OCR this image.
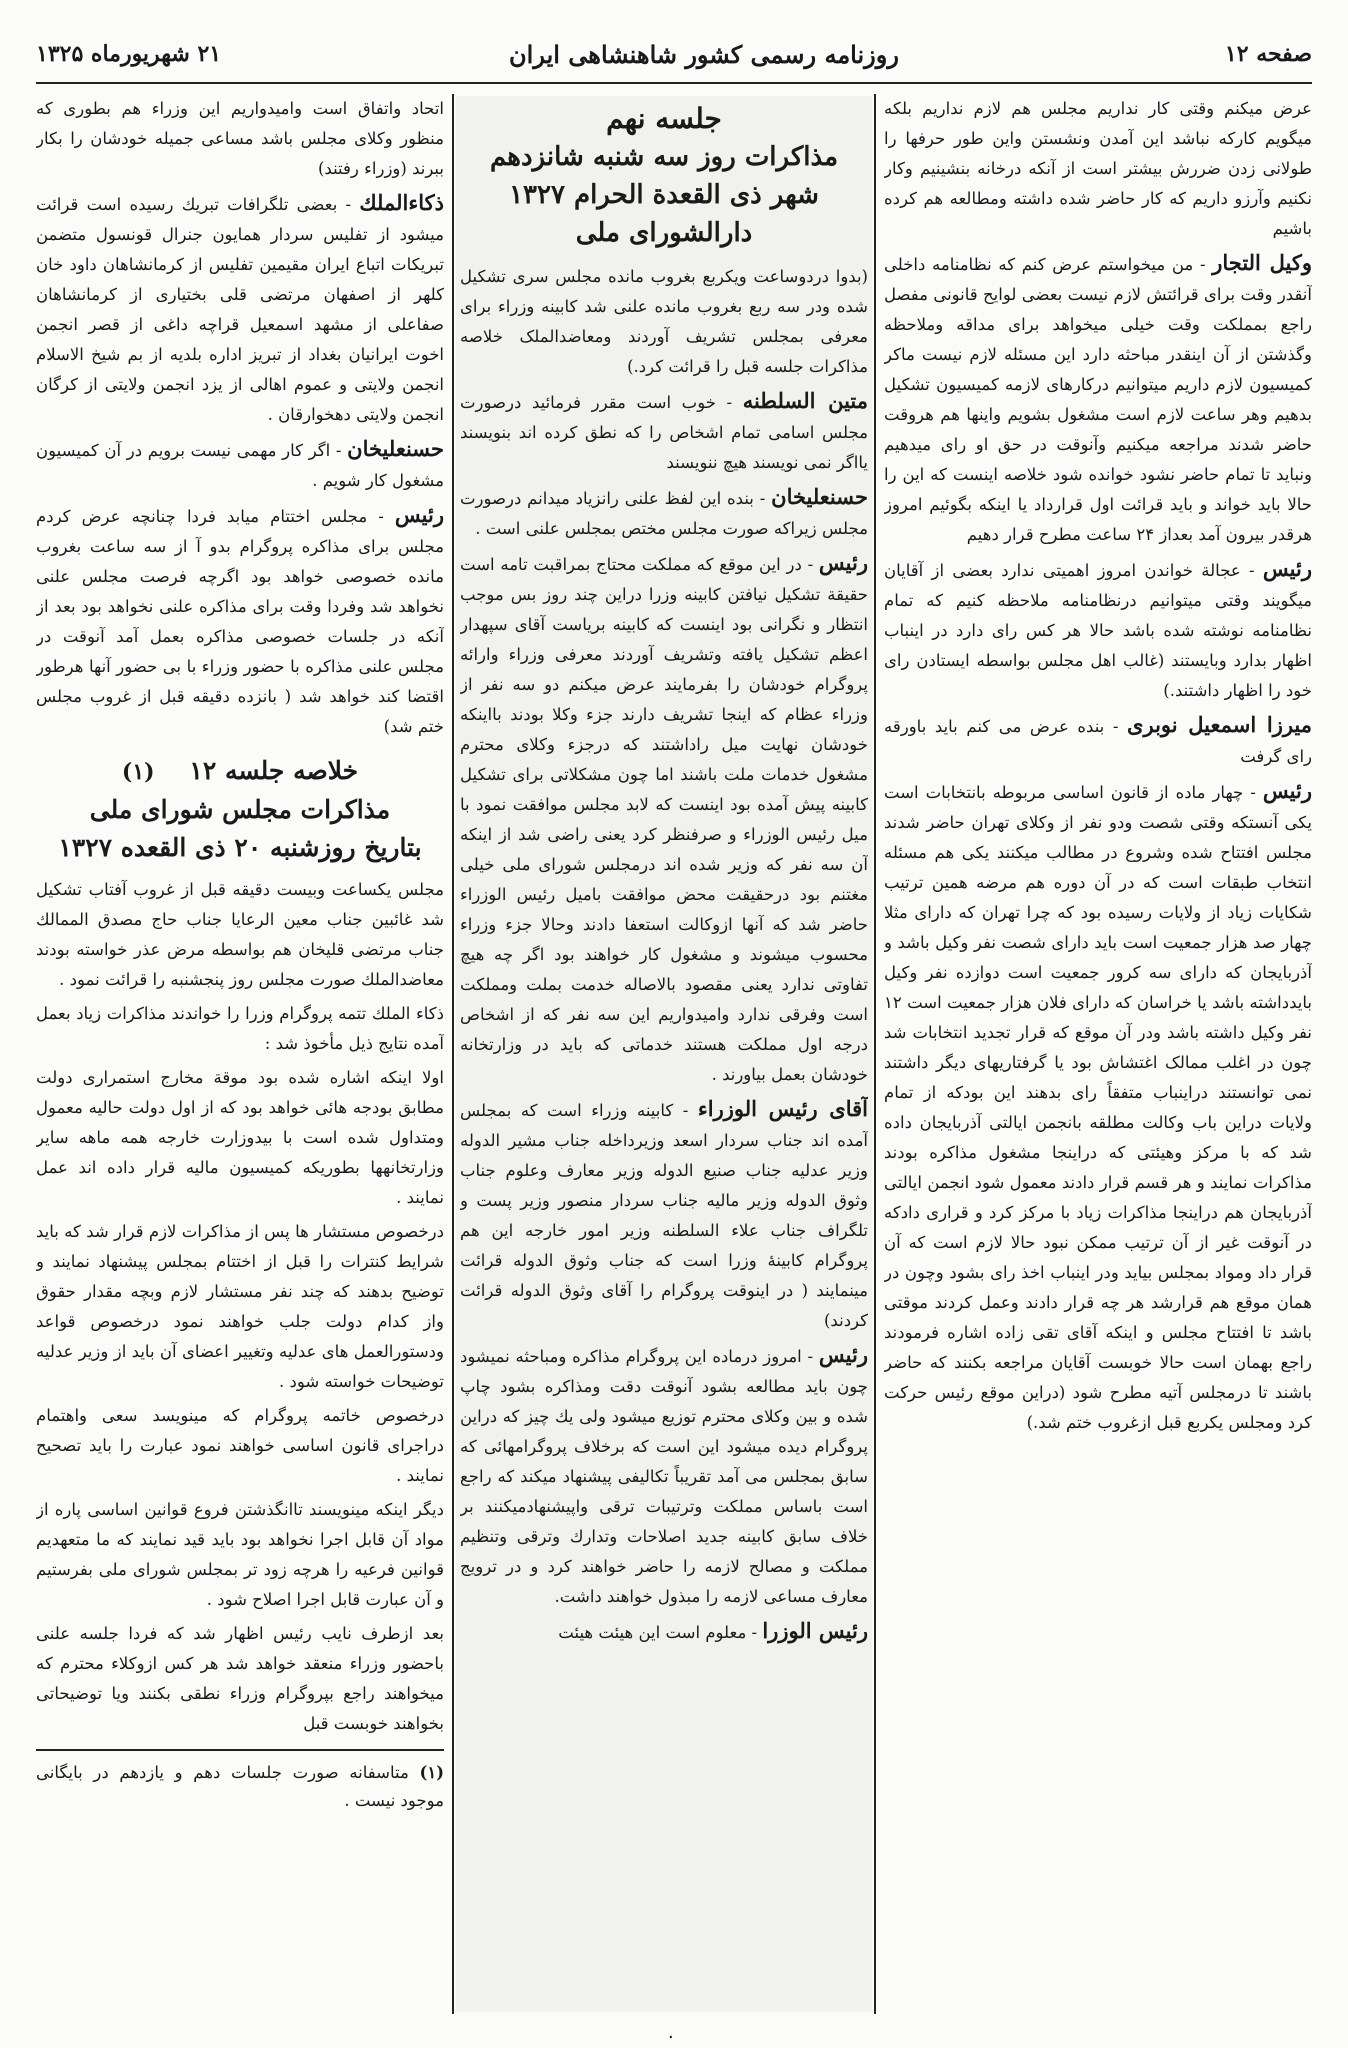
صفحه ۱۲
روزنامه رسمی کشور شاهنشاهی ایران
۲۱ شهریورماه ۱۳۲۵

عرض میکنم وقتی کار نداریم مجلس هم لازم نداریم بلکه میگویم کارکه نباشد این آمدن ونشستن واین طور حرفها را طولانی زدن ضررش بیشتر است از آنکه درخانه بنشینیم وکار نکنیم وآرزو داریم که کار حاضر شده داشته ومطالعه هم کرده باشیم

وکیل التجار - من میخواستم عرض کنم که نظامنامه داخلی آنقدر وقت برای قرائتش لازم نیست بعضی لوایح قانونی مفصل راجع بمملکت وقت خیلی میخواهد برای مداقه وملاحظه وگذشتن از آن اینقدر مباحثه دارد این مسئله لازم نیست ماکر کمیسیون لازم داریم میتوانیم درکارهای لازمه کمیسیون تشکیل بدهیم وهر ساعت لازم است مشغول بشویم واینها هم هروقت حاضر شدند مراجعه میکنیم وآنوقت در حق او رای میدهیم ونباید تا تمام حاضر نشود خوانده شود خلاصه اینست که این را حالا باید خواند و باید قرائت اول قرارداد یا اینکه بگوئیم امروز هرقدر بیرون آمد بعداز ۲۴ ساعت مطرح قرار دهیم

رئیس - عجالة خواندن امروز اهمیتی ندارد بعضی از آقایان میگویند وقتی میتوانیم درنظامنامه ملاحظه کنیم که تمام نظامنامه نوشته شده باشد حالا هر کس رای دارد در اینباب اظهار بدارد وبایستند (غالب اهل مجلس بواسطه ایستادن رای خود را اظهار داشتند.)

میرزا اسمعیل نوبری - بنده عرض می کنم باید باورقه رای گرفت

رئیس - چهار ماده از قانون اساسی مربوطه بانتخابات است یکی آنستکه وقتی شصت ودو نفر از وکلای تهران حاضر شدند مجلس افتتاح شده وشروع در مطالب میکنند یکی هم مسئله انتخاب طبقات است که در آن دوره هم مرضه همین ترتیب شکایات زیاد از ولایات رسیده بود که چرا تهران که دارای مثلا چهار صد هزار جمعیت است باید دارای شصت نفر وکیل باشد و آذربایجان که دارای سه کرور جمعیت است دوازده نفر وکیل بایدداشته باشد یا خراسان که دارای فلان هزار جمعیت است ۱۲ نفر وکیل داشته باشد ودر آن موقع که قرار تجدید انتخابات شد چون در اغلب ممالک اغتشاش بود یا گرفتاریهای دیگر داشتند نمی توانستند دراینباب متفقاً رای بدهند این بودکه از تمام ولایات دراین باب وکالت مطلقه بانجمن ایالتی آذربایجان داده شد که با مرکز وهیئتی که دراینجا مشغول مذاکره بودند مذاکرات نمایند و هر قسم قرار دادند معمول شود انجمن ایالتی آذربایجان هم دراینجا مذاکرات زیاد با مرکز کرد و قراری دادکه در آنوقت غیر از آن ترتیب ممکن نبود حالا لازم است که آن قرار داد ومواد بمجلس بیاید ودر اینباب اخذ رای بشود وچون در همان موقع هم قرارشد هر چه قرار دادند وعمل کردند موقتی باشد تا افتتاح مجلس و اینکه آقای تقی زاده اشاره فرمودند راجع بهمان است حالا خوبست آقایان مراجعه بکنند که حاضر باشند تا درمجلس آتیه مطرح شود (دراین موقع رئیس حرکت کرد ومجلس یکربع قبل ازغروب ختم شد.)

جلسه نهم
مذاکرات روز سه شنبه شانزدهم
شهر ذی القعدة الحرام ۱۳۲۷
دارالشورای ملی

(بدوا دردوساعت ویکربع بغروب مانده مجلس سری تشکیل شده ودر سه ربع بغروب مانده علنی شد کابینه وزراء برای معرفی بمجلس تشریف آوردند ومعاضدالملک خلاصه مذاکرات جلسه قبل را قرائت کرد.)

متین السلطنه - خوب است مقرر فرمائید درصورت مجلس اسامی تمام اشخاص را که نطق کرده اند بنویسند یااگر نمی نویسند هیچ ننویسند

حسنعلیخان - بنده این لفظ علنی رانزیاد میدانم درصورت مجلس زیراکه صورت مجلس مختص بمجلس علنی است .

رئیس - در این موقع که مملکت محتاج بمراقبت تامه است حقیقة تشکیل نیافتن کابینه وزرا دراین چند روز بس موجب انتظار و نگرانی بود اینست که کابینه بریاست آقای سپهدار اعظم تشکیل یافته وتشریف آوردند معرفی وزراء وارائه پروگرام خودشان را بفرمایند عرض میکنم دو سه نفر از وزراء عظام که اینجا تشریف دارند جزء وکلا بودند بااینکه خودشان نهایت میل راداشتند که درجزء وکلای محترم مشغول خدمات ملت باشند اما چون مشکلاتی برای تشکیل کابینه پیش آمده بود اینست که لابد مجلس موافقت نمود با میل رئیس الوزراء و صرفنظر کرد یعنی راضی شد از اینکه آن سه نفر که وزیر شده اند درمجلس شورای ملی خیلی مغتنم بود درحقیقت محض موافقت بامیل رئیس الوزراء حاضر شد که آنها ازوکالت استعفا دادند وحالا جزء وزراء محسوب میشوند و مشغول کار خواهند بود اگر چه هیچ تفاوتی ندارد یعنی مقصود بالاصاله خدمت بملت ومملکت است وفرقی ندارد وامیدواریم این سه نفر که از اشخاص درجه اول مملکت هستند خدماتی که باید در وزارتخانه خودشان بعمل بیاورند .

آقای رئیس الوزراء - کابینه وزراء است که بمجلس آمده اند جناب سردار اسعد وزیرداخله جناب مشیر الدوله وزیر عدلیه جناب صنیع الدوله وزیر معارف وعلوم جناب وثوق الدوله وزیر مالیه جناب سردار منصور وزیر پست و تلگراف جناب علاء السلطنه وزیر امور خارجه این هم پروگرام کابینهٔ وزرا است که جناب وثوق الدوله قرائت مینمایند ( در اینوقت پروگرام را آقای وثوق الدوله قرائت کردند)

رئیس - امروز درماده این پروگرام مذاکره ومباحثه نمیشود چون باید مطالعه بشود آنوقت دقت ومذاکره بشود چاپ شده و بین وکلای محترم توزیع میشود ولی یك چیز که دراین پروگرام دیده میشود این است که برخلاف پروگرامهائی که سابق بمجلس می آمد تقریباً تکالیفی پیشنهاد میکند که راجع است باساس مملکت وترتیبات ترقی واپیشنهادمیکنند بر خلاف سابق کابینه جدید اصلاحات وتدارك وترقی وتنظیم مملکت و مصالح لازمه را حاضر خواهند کرد و در ترویج معارف مساعی لازمه را مبذول خواهند داشت.

رئیس الوزرا - معلوم است این هیئت هیئت

اتحاد واتفاق است وامیدواریم این وزراء هم بطوری که منظور وکلای مجلس باشد مساعی جمیله خودشان را بکار ببرند (وزراء رفتند)

ذکاءالملك - بعضی تلگرافات تبریك رسیده است قرائت میشود از تفلیس سردار همایون جنرال قونسول متضمن تبریکات اتباع ایران مقیمین تفلیس از کرمانشاهان داود خان کلهر از اصفهان مرتضی قلی بختیاری از کرمانشاهان صفاعلی از مشهد اسمعیل قراچه داغی از قصر انجمن اخوت ایرانیان بغداد از تبریز اداره بلدیه از بم شیخ الاسلام انجمن ولایتی و عموم اهالی از یزد انجمن ولایتی از کرگان انجمن ولایتی دهخوارقان .

حسنعلیخان - اگر کار مهمی نیست برویم در آن کمیسیون مشغول کار شویم .

رئیس - مجلس اختتام میابد فردا چنانچه عرض کردم مجلس برای مذاکره پروگرام بدو آ از سه ساعت بغروب مانده خصوصی خواهد بود اگرچه فرصت مجلس علنی نخواهد شد وفردا وقت برای مذاکره علنی نخواهد بود بعد از آنکه در جلسات خصوصی مذاکره بعمل آمد آنوقت در مجلس علنی مذاکره با حضور وزراء با بی حضور آنها هرطور اقتضا کند خواهد شد ( بانزده دقیقه قبل از غروب مجلس ختم شد)

خلاصه جلسه ۱۲    (۱)
مذاکرات مجلس شورای ملی
بتاریخ روزشنبه ۲۰ ذی القعده ۱۳۲۷

مجلس یکساعت وبیست دقیقه قبل از غروب آفتاب تشکیل شد غائبین جناب معین الرعایا جناب حاج مصدق الممالك جناب مرتضی قلیخان هم بواسطه مرض عذر خواسته بودند معاضدالملك صورت مجلس روز پنجشنبه را قرائت نمود .

ذکاء الملك تتمه پروگرام وزرا را خواندند مذاکرات زیاد بعمل آمده نتایج ذیل مأخوذ شد :

اولا اینکه اشاره شده بود موقة مخارج استمراری دولت مطابق بودجه هائی خواهد بود که از اول دولت حالیه معمول ومتداول شده است با بیدوزارت خارجه همه ماهه سایر وزارتخانهها بطوریکه کمیسیون مالیه قرار داده اند عمل نمایند .

درخصوص مستشار ها پس از مذاکرات لازم قرار شد که باید شرایط کنترات را قبل از اختتام بمجلس پیشنهاد نمایند و توضیح بدهند که چند نفر مستشار لازم وبچه مقدار حقوق واز کدام دولت جلب خواهند نمود درخصوص قواعد ودستورالعمل های عدلیه وتغییر اعضای آن باید از وزیر عدلیه توضیحات خواسته شود .

درخصوص خاتمه پروگرام که مینویسد سعی واهتمام دراجرای قانون اساسی خواهند نمود عبارت را باید تصحیح نمایند .

دیگر اینکه مینویسند تاانگذشتن فروع قوانین اساسی پاره از مواد آن قابل اجرا نخواهد بود باید قید نمایند که ما متعهدیم قوانین فرعیه را هرچه زود تر بمجلس شورای ملی بفرستیم و آن عبارت قابل اجرا اصلاح شود .

بعد ازطرف نایب رئیس اظهار شد که فردا جلسه علنی باحضور وزراء منعقد خواهد شد هر کس ازوکلاء محترم که میخواهند راجع بپروگرام وزراء نطقی بکنند ویا توضیحاتی بخواهند خوبست قبل

(۱) متاسفانه صورت جلسات دهم و یازدهم در بایگانی موجود نیست .
۰
